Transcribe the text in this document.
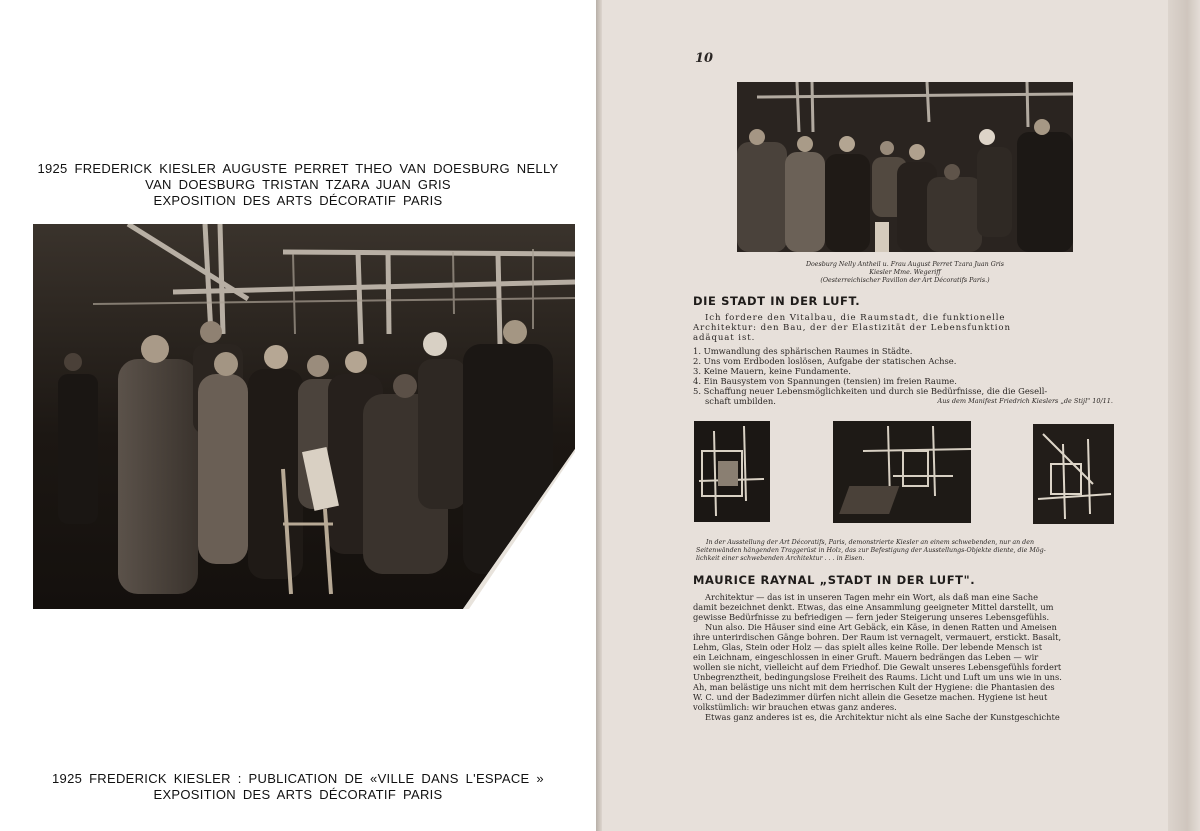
1925 FREDERICK KIESLER AUGUSTE PERRET THEO VAN DOESBURG NELLY
VAN DOESBURG TRISTAN TZARA JUAN GRIS
EXPOSITION DES ARTS DÉCORATIF PARIS
1925 FREDERICK KIESLER : PUBLICATION DE «VILLE DANS L'ESPACE »
EXPOSITION DES ARTS DÉCORATIF PARIS
10
Doesburg Nelly Antheil u. Frau August Perret Tzara Juan Gris
Kiesler Mme. Wegeriff
(Oesterreichischer Pavillon der Art Décoratifs Paris.)
DIE STADT IN DER LUFT.
Ich fordere den Vitalbau, die Raumstadt, die funktionelle
Architektur: den Bau, der der Elastizität der Lebensfunktion
adäquat ist.
1. Umwandlung des sphärischen Raumes in Städte.
2. Uns vom Erdboden loslösen, Aufgabe der statischen Achse.
3. Keine Mauern, keine Fundamente.
4. Ein Bausystem von Spannungen (tensien) im freien Raume.
5. Schaffung neuer Lebensmöglichkeiten und durch sie Bedürfnisse, die die Gesell-
schaft umbilden.	Aus dem Manifest Friedrich Kieslers „de Stijl" 10/11.
In der Ausstellung der Art Décoratifs, Paris, demonstrierte Kiesler an einem schwebenden, nur an den
Seitenwänden hängenden Traggerüst in Holz, das zur Befestigung der Ausstellungs-Objekte diente, die Mög-
lichkeit einer schwebenden Architektur . . . in Eisen.
MAURICE RAYNAL „STADT IN DER LUFT".
Architektur — das ist in unseren Tagen mehr ein Wort, als daß man eine Sache
damit bezeichnet denkt. Etwas, das eine Ansammlung geeigneter Mittel darstellt, um
gewisse Bedürfnisse zu befriedigen — fern jeder Steigerung unseres Lebensgefühls.
Nun also. Die Häuser sind eine Art Gebäck, ein Käse, in denen Ratten und Ameisen
ihre unterirdischen Gänge bohren. Der Raum ist vernagelt, vermauert, erstickt. Basalt,
Lehm, Glas, Stein oder Holz — das spielt alles keine Rolle. Der lebende Mensch ist
ein Leichnam, eingeschlossen in einer Gruft. Mauern bedrängen das Leben — wir
wollen sie nicht, vielleicht auf dem Friedhof. Die Gewalt unseres Lebensgefühls fordert
Unbegrenztheit, bedingungslose Freiheit des Raums. Licht und Luft um uns wie in uns.
Ah, man belästige uns nicht mit dem herrischen Kult der Hygiene: die Phantasien des
W. C. und der Badezimmer dürfen nicht allein die Gesetze machen. Hygiene ist heut
volkstümlich: wir brauchen etwas ganz anderes.
Etwas ganz anderes ist es, die Architektur nicht als eine Sache der Kunstgeschichte
